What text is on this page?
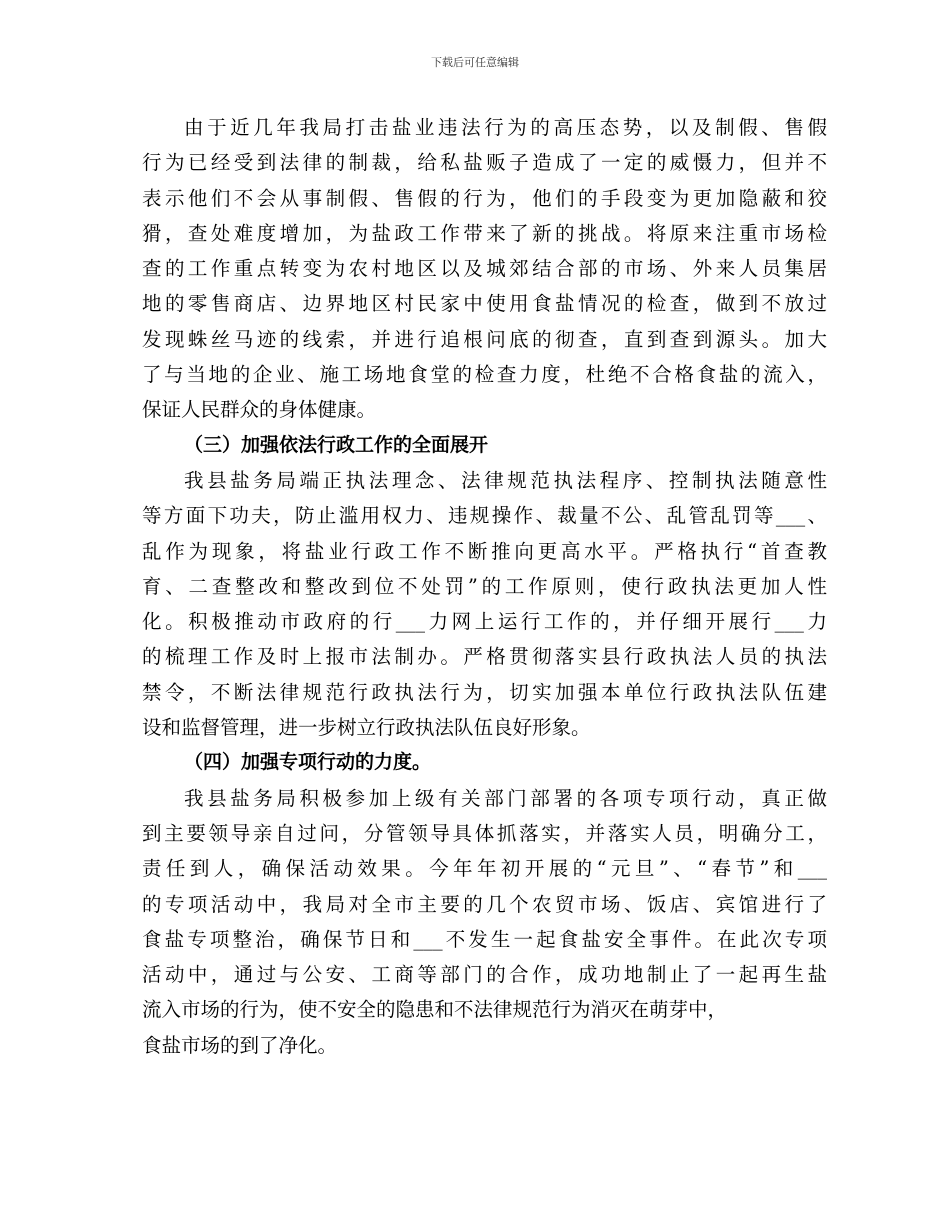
下载后可任意编辑
由于近几年我局打击盐业违法行为的高压态势，以及制假、售假
行为已经受到法律的制裁，给私盐贩子造成了一定的威慑力，但并不
表示他们不会从事制假、售假的行为，他们的手段变为更加隐蔽和狡
猾，查处难度增加，为盐政工作带来了新的挑战。将原来注重市场检
查的工作重点转变为农村地区以及城郊结合部的市场、外来人员集居
地的零售商店、边界地区村民家中使用食盐情况的检查，做到不放过
发现蛛丝马迹的线索，并进行追根问底的彻查，直到查到源头。加大
了与当地的企业、施工场地食堂的检查力度，杜绝不合格食盐的流入，
保证人民群众的身体健康。
（三）加强依法行政工作的全面展开
我县盐务局端正执法理念、法律规范执法程序、控制执法随意性
等方面下功夫，防止滥用权力、违规操作、裁量不公、乱管乱罚等___、
乱作为现象，将盐业行政工作不断推向更高水平。严格执行“首查教
育、二查整改和整改到位不处罚”的工作原则，使行政执法更加人性
化。积极推动市政府的行___力网上运行工作的，并仔细开展行___力
的梳理工作及时上报市法制办。严格贯彻落实县行政执法人员的执法
禁令，不断法律规范行政执法行为，切实加强本单位行政执法队伍建
设和监督管理，进一步树立行政执法队伍良好形象。
（四）加强专项行动的力度。
我县盐务局积极参加上级有关部门部署的各项专项行动，真正做
到主要领导亲自过问，分管领导具体抓落实，并落实人员，明确分工，
责任到人，确保活动效果。今年年初开展的“元旦”、“春节”和___
的专项活动中，我局对全市主要的几个农贸市场、饭店、宾馆进行了
食盐专项整治，确保节日和___不发生一起食盐安全事件。在此次专项
活动中，通过与公安、工商等部门的合作，成功地制止了一起再生盐
流入市场的行为，使不安全的隐患和不法律规范行为消灭在萌芽中，
食盐市场的到了净化。
